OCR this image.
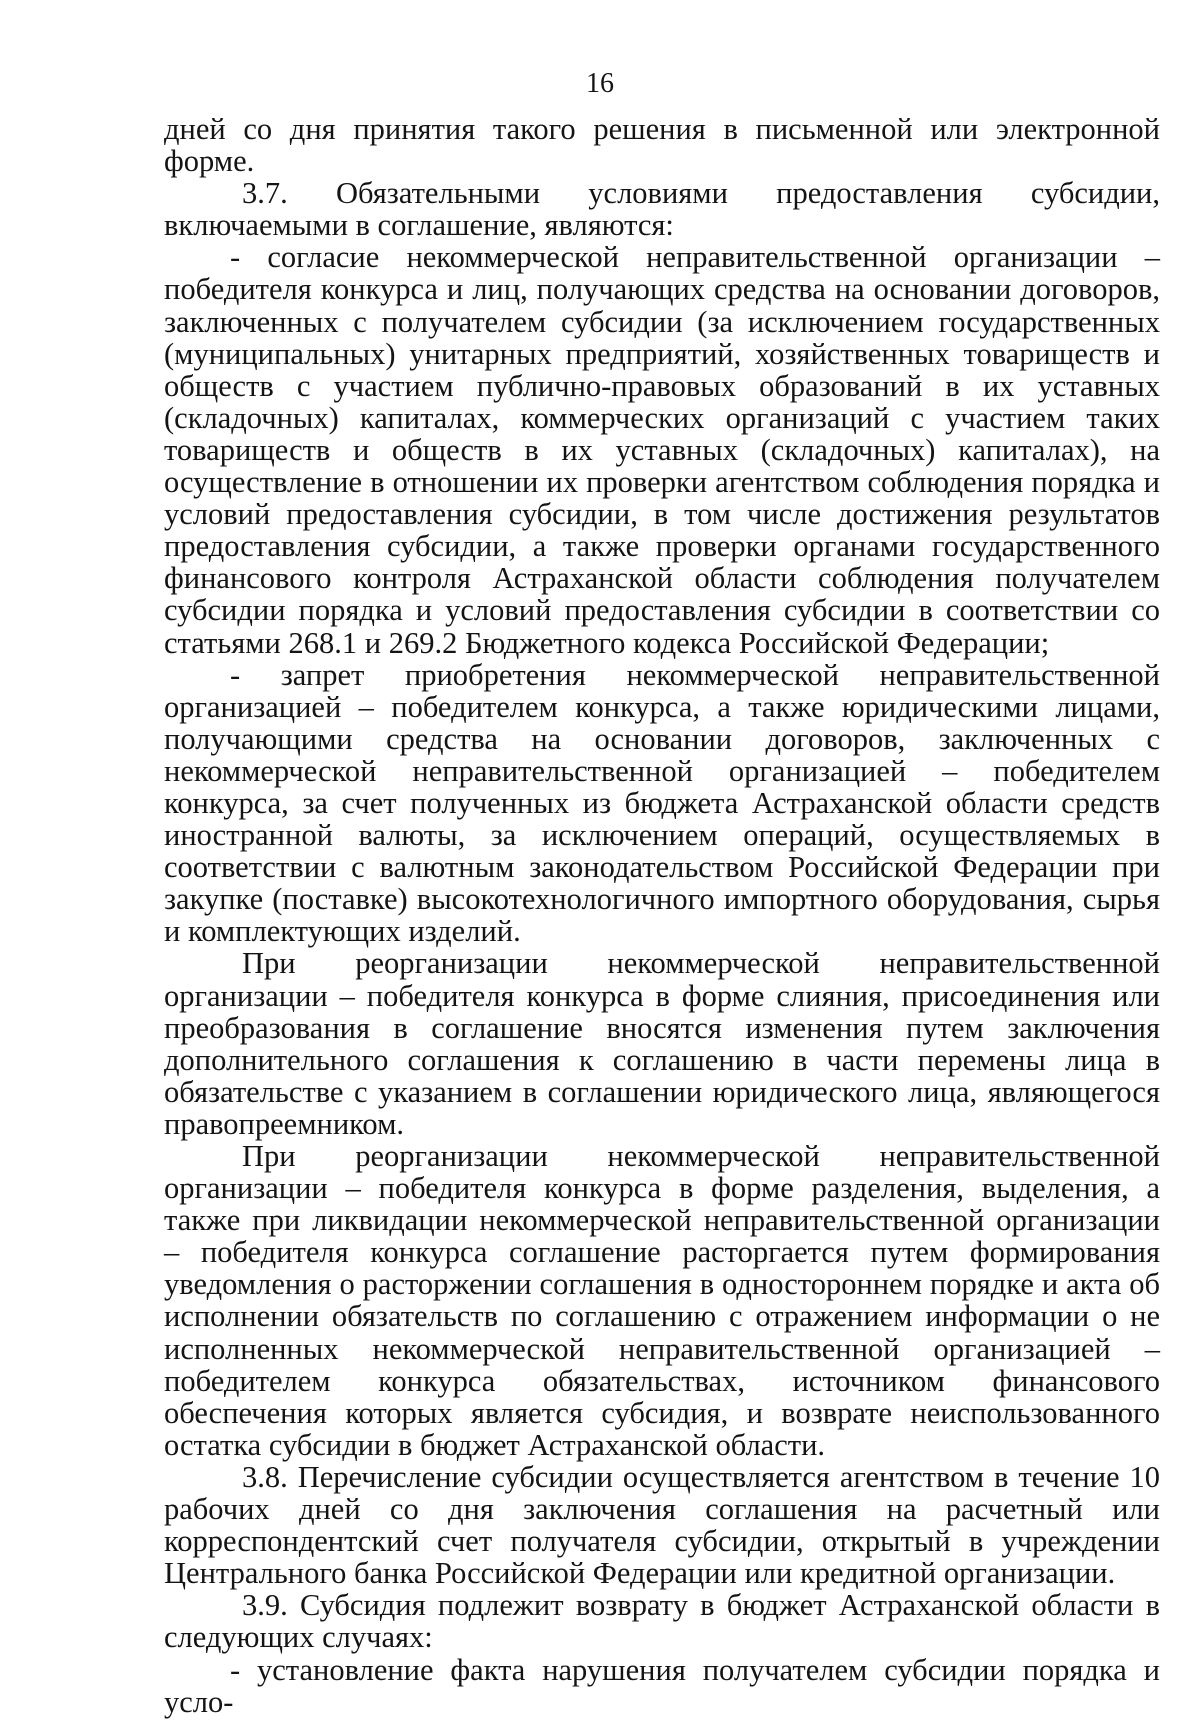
16

дней со дня принятия такого решения в письменной или электронной форме.

3.7. Обязательными условиями предоставления субсидии, включаемыми в соглашение, являются:

- согласие некоммерческой неправительственной организации – победителя конкурса и лиц, получающих средства на основании договоров, заключенных с получателем субсидии (за исключением государственных (муниципальных) унитарных предприятий, хозяйственных товариществ и обществ с участием публично-правовых образований в их уставных (складочных) капиталах, коммерческих организаций с участием таких товариществ и обществ в их уставных (складочных) капиталах), на осуществление в отношении их проверки агентством соблюдения порядка и условий предоставления субсидии, в том числе достижения результатов предоставления субсидии, а также проверки органами государственного финансового контроля Астраханской области соблюдения получателем субсидии порядка и условий предоставления субсидии в соответствии со статьями 268.1 и 269.2 Бюджетного кодекса Российской Федерации;

- запрет приобретения некоммерческой неправительственной организацией – победителем конкурса, а также юридическими лицами, получающими средства на основании договоров, заключенных с некоммерческой неправительственной организацией – победителем конкурса, за счет полученных из бюджета Астраханской области средств иностранной валюты, за исключением операций, осуществляемых в соответствии с валютным законодательством Российской Федерации при закупке (поставке) высокотехнологичного импортного оборудования, сырья и комплектующих изделий.

При реорганизации некоммерческой неправительственной организации – победителя конкурса в форме слияния, присоединения или преобразования в соглашение вносятся изменения путем заключения дополнительного соглашения к соглашению в части перемены лица в обязательстве с указанием в соглашении юридического лица, являющегося правопреемником.

При реорганизации некоммерческой неправительственной организации – победителя конкурса в форме разделения, выделения, а также при ликвидации некоммерческой неправительственной организации – победителя конкурса соглашение расторгается путем формирования уведомления о расторжении соглашения в одностороннем порядке и акта об исполнении обязательств по соглашению с отражением информации о не исполненных некоммерческой неправительственной организацией – победителем конкурса обязательствах, источником финансового обеспечения которых является субсидия, и возврате неиспользованного остатка субсидии в бюджет Астраханской области.

3.8. Перечисление субсидии осуществляется агентством в течение 10 рабочих дней со дня заключения соглашения на расчетный или корреспондентский счет получателя субсидии, открытый в учреждении Центрального банка Российской Федерации или кредитной организации.

3.9. Субсидия подлежит возврату в бюджет Астраханской области в следующих случаях:

- установление факта нарушения получателем субсидии порядка и усло-
